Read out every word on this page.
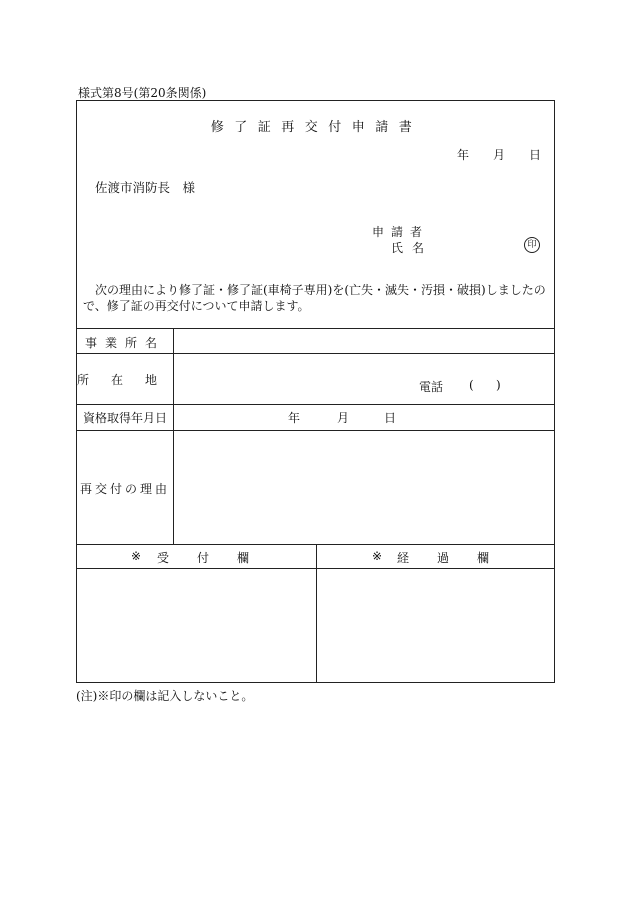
様式第8号(第20条関係)
修了証再交付申請書
年 月 日
佐渡市消防長　様
申請者
氏名	印
次の理由により修了証・修了証(車椅子専用)を(亡失・滅失・汚損・破損)しましたので、修了証の再交付について申請します。
事業所名
所在地	電話 ( )
資格取得年月日	年	月	日
再交付の理由
※ 受付欄	※ 経過欄
(注)※印の欄は記入しないこと。
